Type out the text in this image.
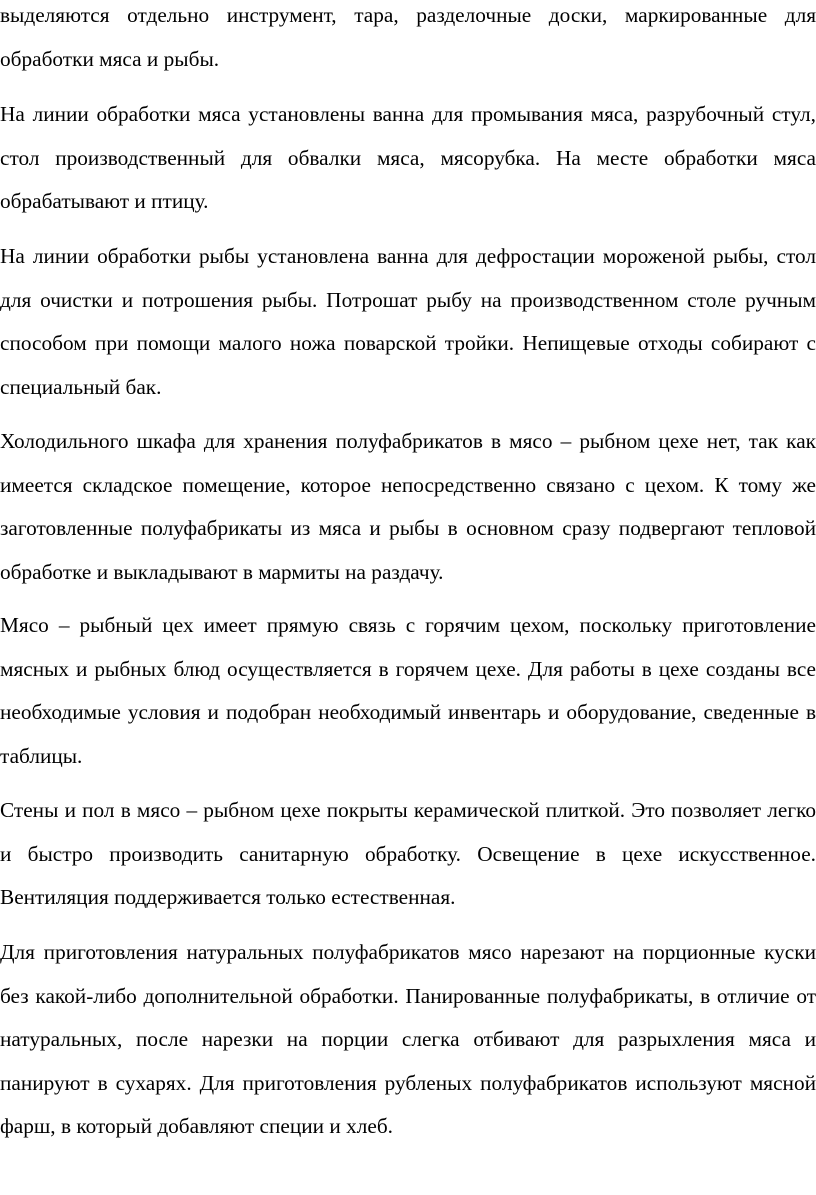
выделяются отдельно инструмент, тара, разделочные доски, маркированные для обработки мяса и рыбы.

На линии обработки мяса установлены ванна для промывания мяса, разрубочный стул, стол производственный для обвалки мяса, мясорубка. На месте обработки мяса обрабатывают и птицу.

На линии обработки рыбы установлена ванна для дефростации мороженой рыбы, стол для очистки и потрошения рыбы. Потрошат рыбу на производственном столе ручным способом при помощи малого ножа поварской тройки. Непищевые отходы собирают с специальный бак.

Холодильного шкафа для хранения полуфабрикатов в мясо – рыбном цехе нет, так как имеется складское помещение, которое непосредственно связано с цехом. К тому же заготовленные полуфабрикаты из мяса и рыбы в основном сразу подвергают тепловой обработке и выкладывают в мармиты на раздачу.

Мясо – рыбный цех имеет прямую связь с горячим цехом, поскольку приготовление мясных и рыбных блюд осуществляется в горячем цехе. Для работы в цехе созданы все необходимые условия и подобран необходимый инвентарь и оборудование, сведенные в таблицы.

Стены и пол в мясо – рыбном цехе покрыты керамической плиткой. Это позволяет легко и быстро производить санитарную обработку. Освещение в цехе искусственное. Вентиляция поддерживается только естественная.

Для приготовления натуральных полуфабрикатов мясо нарезают на порционные куски без какой-либо дополнительной обработки. Панированные полуфабрикаты, в отличие от натуральных, после нарезки на порции слегка отбивают для разрыхления мяса и панируют в сухарях. Для приготовления рубленых полуфабрикатов используют мясной фарш, в который добавляют специи и хлеб.
